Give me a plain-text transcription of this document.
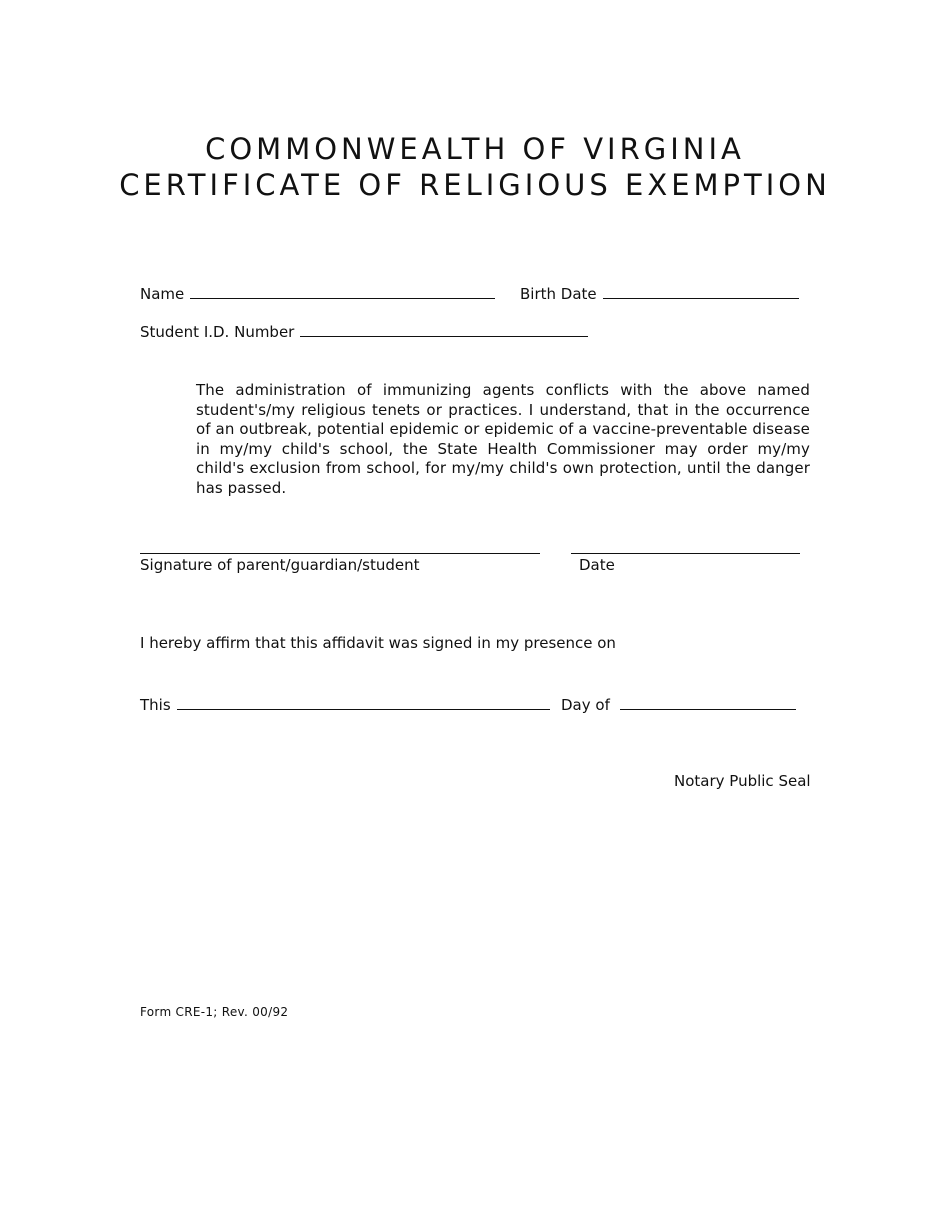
COMMONWEALTH OF VIRGINIA
CERTIFICATE OF RELIGIOUS EXEMPTION
Name	Birth Date
Student I.D. Number
The administration of immunizing agents conflicts with the above named student's/my religious tenets or practices. I understand, that in the occurrence of an outbreak, potential epidemic or epidemic of a vaccine-preventable disease in my/my child's school, the State Health Commissioner may order my/my child's exclusion from school, for my/my child's own protection, until the danger has passed.
Signature of parent/guardian/student	Date
I hereby affirm that this affidavit was signed in my presence on
This	Day of
Notary Public Seal
Form CRE-1; Rev. 00/92
